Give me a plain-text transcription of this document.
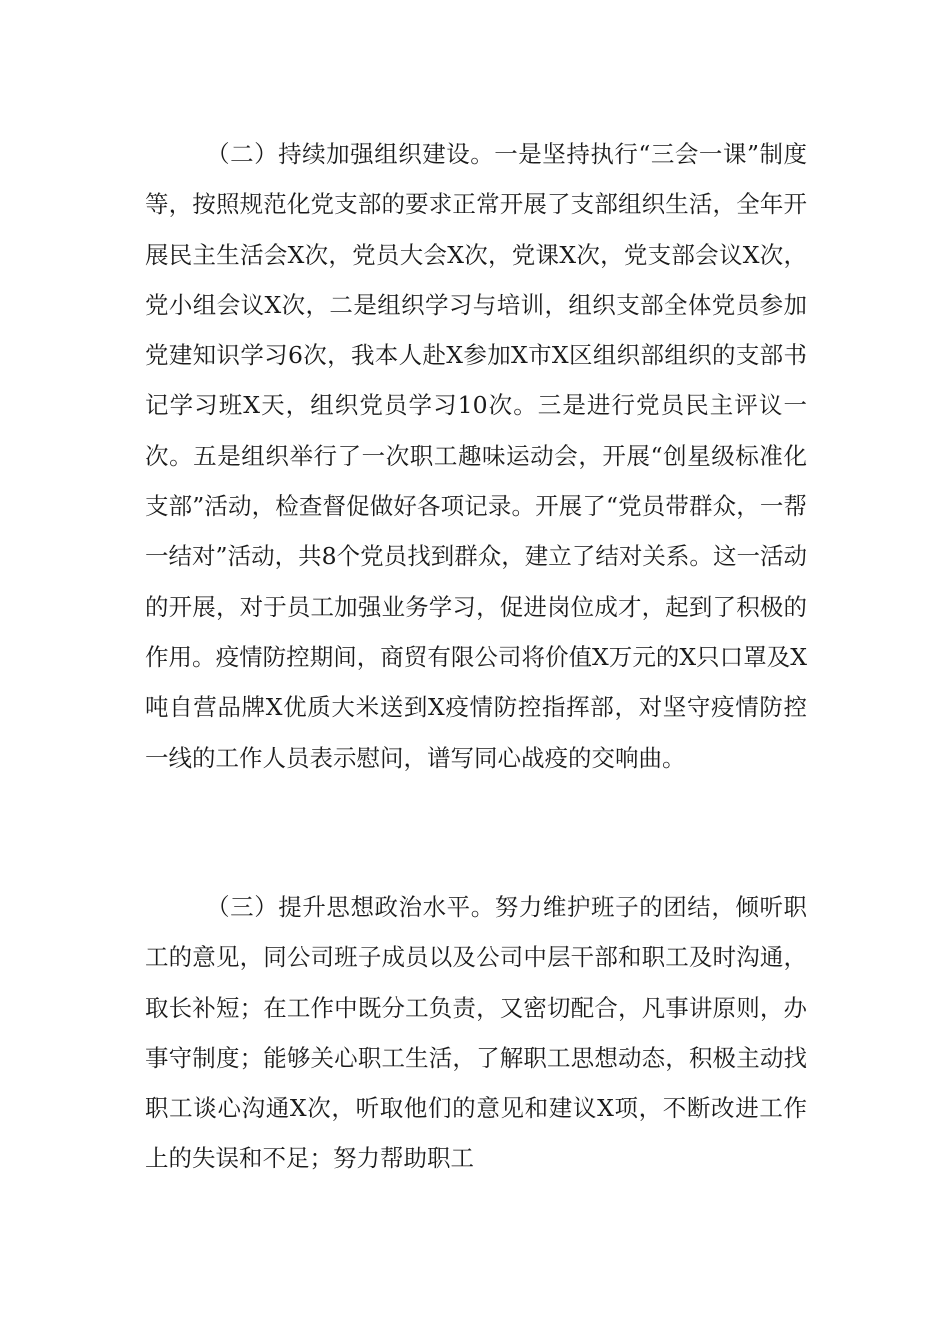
（二）持续加强组织建设。一是坚持执行“三会一课”制度等，按照规范化党支部的要求正常开展了支部组织生活，全年开展民主生活会X次，党员大会X次，党课X次，党支部会议X次，党小组会议X次，二是组织学习与培训，组织支部全体党员参加党建知识学习6次，我本人赴X参加X市X区组织部组织的支部书记学习班X天，组织党员学习10次。三是进行党员民主评议一次。五是组织举行了一次职工趣味运动会，开展“创星级标准化支部”活动，检查督促做好各项记录。开展了“党员带群众，一帮一结对”活动，共8个党员找到群众，建立了结对关系。这一活动的开展，对于员工加强业务学习，促进岗位成才，起到了积极的作用。疫情防控期间，商贸有限公司将价值X万元的X只口罩及X吨自营品牌X优质大米送到X疫情防控指挥部，对坚守疫情防控一线的工作人员表示慰问，谱写同心战疫的交响曲。

（三）提升思想政治水平。努力维护班子的团结，倾听职工的意见，同公司班子成员以及公司中层干部和职工及时沟通，取长补短；在工作中既分工负责，又密切配合，凡事讲原则，办事守制度；能够关心职工生活，了解职工思想动态，积极主动找职工谈心沟通X次，听取他们的意见和建议X项，不断改进工作上的失误和不足；努力帮助职工
